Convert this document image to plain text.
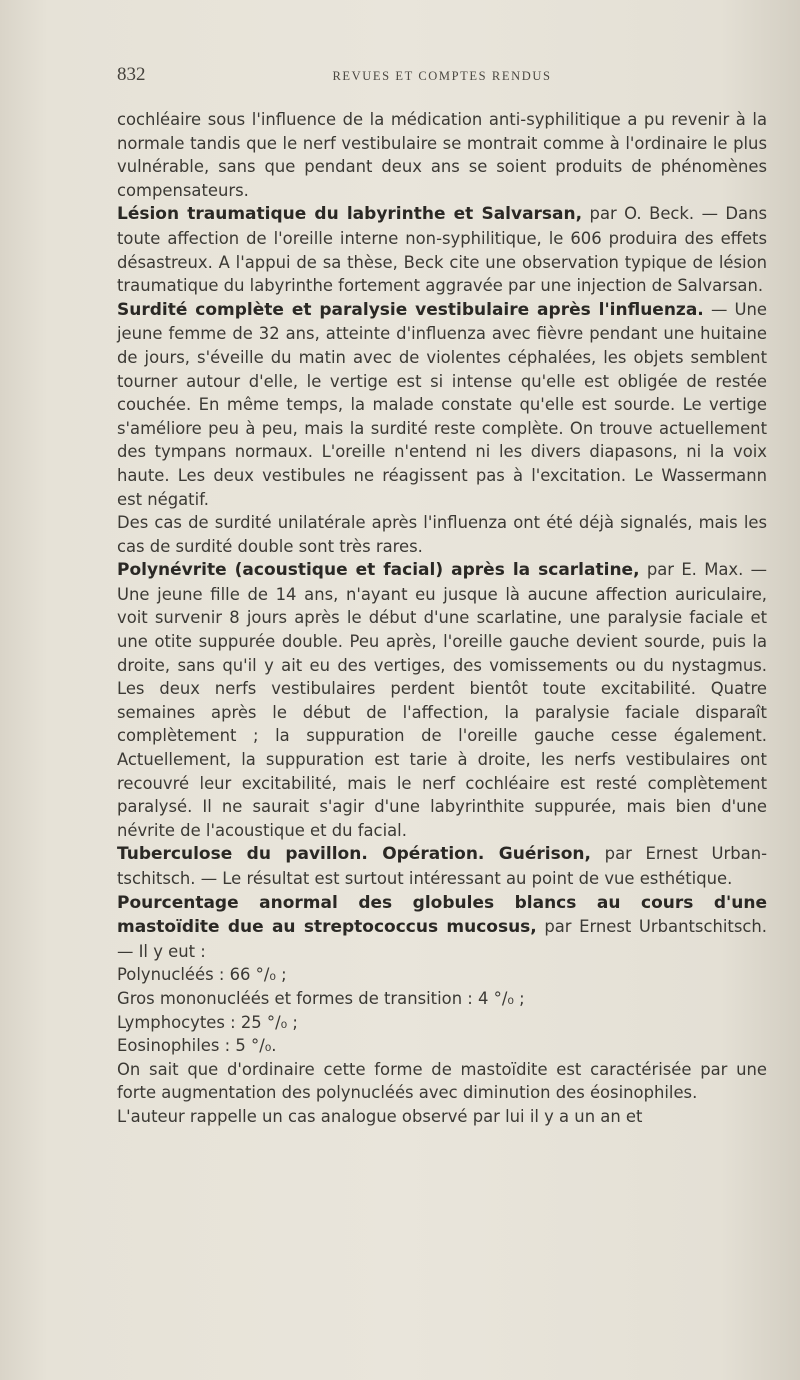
832	REVUES ET COMPTES RENDUS

cochléaire sous l'influence de la médication anti-syphilitique a pu revenir à la normale tandis que le nerf vestibulaire se montrait comme à l'ordinaire le plus vulnérable, sans que pendant deux ans se soient produits de phénomènes compensateurs.

Lésion traumatique du labyrinthe et Salvarsan, par O. Beck. — Dans toute affection de l'oreille interne non-syphilitique, le 606 produira des effets désastreux. A l'appui de sa thèse, Beck cite une observation typique de lésion traumatique du labyrinthe fortement aggravée par une injection de Salvarsan.

Surdité complète et paralysie vestibulaire après l'influenza. — Une jeune femme de 32 ans, atteinte d'influenza avec fièvre pendant une huitaine de jours, s'éveille du matin avec de violentes céphalées, les objets semblent tourner autour d'elle, le vertige est si intense qu'elle est obligée de restée couchée. En même temps, la malade constate qu'elle est sourde. Le vertige s'améliore peu à peu, mais la surdité reste complète. On trouve actuellement des tympans normaux. L'oreille n'entend ni les divers diapasons, ni la voix haute. Les deux vestibules ne réagissent pas à l'excitation. Le Wassermann est négatif.

Des cas de surdité unilatérale après l'influenza ont été déjà signalés, mais les cas de surdité double sont très rares.

Polynévrite (acoustique et facial) après la scarlatine, par E. Max. — Une jeune fille de 14 ans, n'ayant eu jusque là aucune affection auriculaire, voit survenir 8 jours après le début d'une scarlatine, une paralysie faciale et une otite suppurée double. Peu après, l'oreille gauche devient sourde, puis la droite, sans qu'il y ait eu des vertiges, des vomissements ou du nystagmus. Les deux nerfs vestibulaires perdent bientôt toute excitabilité. Quatre semaines après le début de l'affection, la paralysie faciale disparaît complètement ; la suppuration de l'oreille gauche cesse également. Actuellement, la suppuration est tarie à droite, les nerfs vestibulaires ont recouvré leur excitabilité, mais le nerf cochléaire est resté complètement paralysé. Il ne saurait s'agir d'une labyrinthite suppurée, mais bien d'une névrite de l'acoustique et du facial.

Tuberculose du pavillon. Opération. Guérison, par Ernest Urban-tschitsch. — Le résultat est surtout intéressant au point de vue esthétique.

Pourcentage anormal des globules blancs au cours d'une mastoïdite due au streptococcus mucosus, par Ernest Urbantschitsch. — Il y eut :

Polynucléés : 66 °/₀ ;

Gros mononucléés et formes de transition : 4 °/₀ ;

Lymphocytes : 25 °/₀ ;

Eosinophiles : 5 °/₀.

On sait que d'ordinaire cette forme de mastoïdite est caractérisée par une forte augmentation des polynucléés avec diminution des éosinophiles.

L'auteur rappelle un cas analogue observé par lui il y a un an et
